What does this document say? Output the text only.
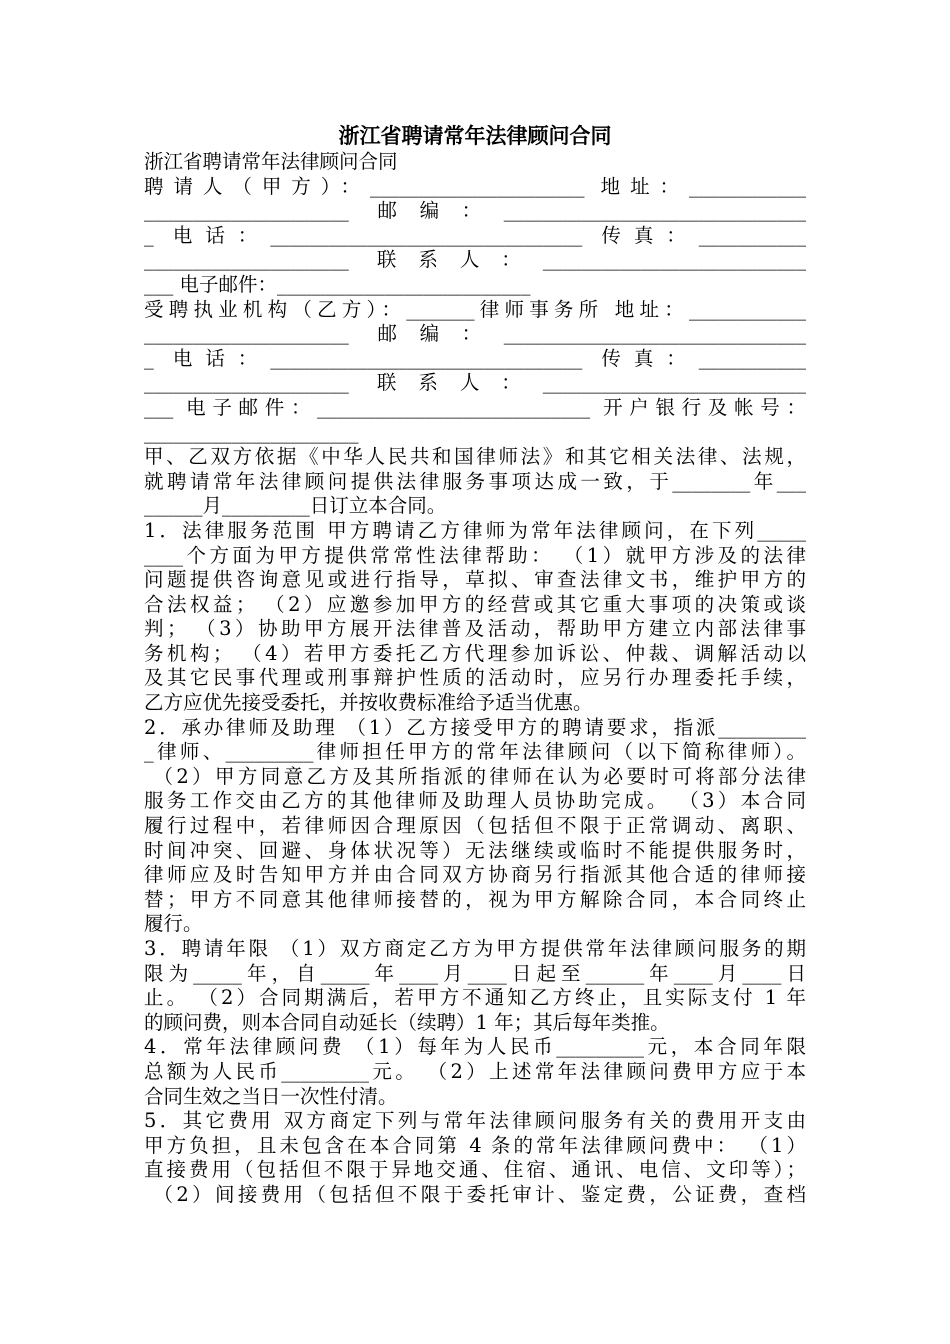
浙江省聘请常年法律顾问合同
浙江省聘请常年法律顾问合同
聘请人（甲方）：______________________ 地址：____________
_____________________ 邮编：_______________________________
_ 电话：________________________________ 传真：___________
_____________________ 联系人：___________________________
___ 电子邮件：__________________________
受聘执业机构（乙方）：_______律师事务所 地址：____________
_____________________ 邮编：_______________________________
_ 电话：________________________________ 传真：___________
_____________________ 联系人：___________________________
___ 电子邮件：____________________________ 开户银行及帐号：
______________________
甲、乙双方依据《中华人民共和国律师法》和其它相关法律、法规，
就聘请常年法律顾问提供法律服务事项达成一致，于________年___
______月_________日订立本合同。
1．法律服务范围 甲方聘请乙方律师为常年法律顾问，在下列_____
____个方面为甲方提供常常性法律帮助： （1）就甲方涉及的法律
问题提供咨询意见或进行指导，草拟、审查法律文书，维护甲方的
合法权益； （2）应邀参加甲方的经营或其它重大事项的决策或谈
判； （3）协助甲方展开法律普及活动，帮助甲方建立内部法律事
务机构； （4）若甲方委托乙方代理参加诉讼、仲裁、调解活动以
及其它民事代理或刑事辩护性质的活动时，应另行办理委托手续，
乙方应优先接受委托，并按收费标准给予适当优惠。
2．承办律师及助理 （1）乙方接受甲方的聘请要求，指派_________
_律师、_________律师担任甲方的常年法律顾问（以下简称律师）。
（2）甲方同意乙方及其所指派的律师在认为必要时可将部分法律
服务工作交由乙方的其他律师及助理人员协助完成。 （3）本合同
履行过程中，若律师因合理原因（包括但不限于正常调动、离职、
时间冲突、回避、身体状况等）无法继续或临时不能提供服务时，
律师应及时告知甲方并由合同双方协商另行指派其他合适的律师接
替；甲方不同意其他律师接替的，视为甲方解除合同，本合同终止
履行。
3．聘请年限 （1）双方商定乙方为甲方提供常年法律顾问服务的期
限为_____年，自_____年____月____日起至______年____月____日
止。 （2）合同期满后，若甲方不通知乙方终止，且实际支付 1 年
的顾问费，则本合同自动延长（续聘）1 年；其后每年类推。
4．常年法律顾问费 （1）每年为人民币_________元，本合同年限
总额为人民币_________元。 （2）上述常年法律顾问费甲方应于本
合同生效之当日一次性付清。
5．其它费用 双方商定下列与常年法律顾问服务有关的费用开支由
甲方负担，且未包含在本合同第 4 条的常年法律顾问费中： （1）
直接费用（包括但不限于异地交通、住宿、通讯、电信、文印等）；
（2）间接费用（包括但不限于委托审计、鉴定费，公证费，查档
